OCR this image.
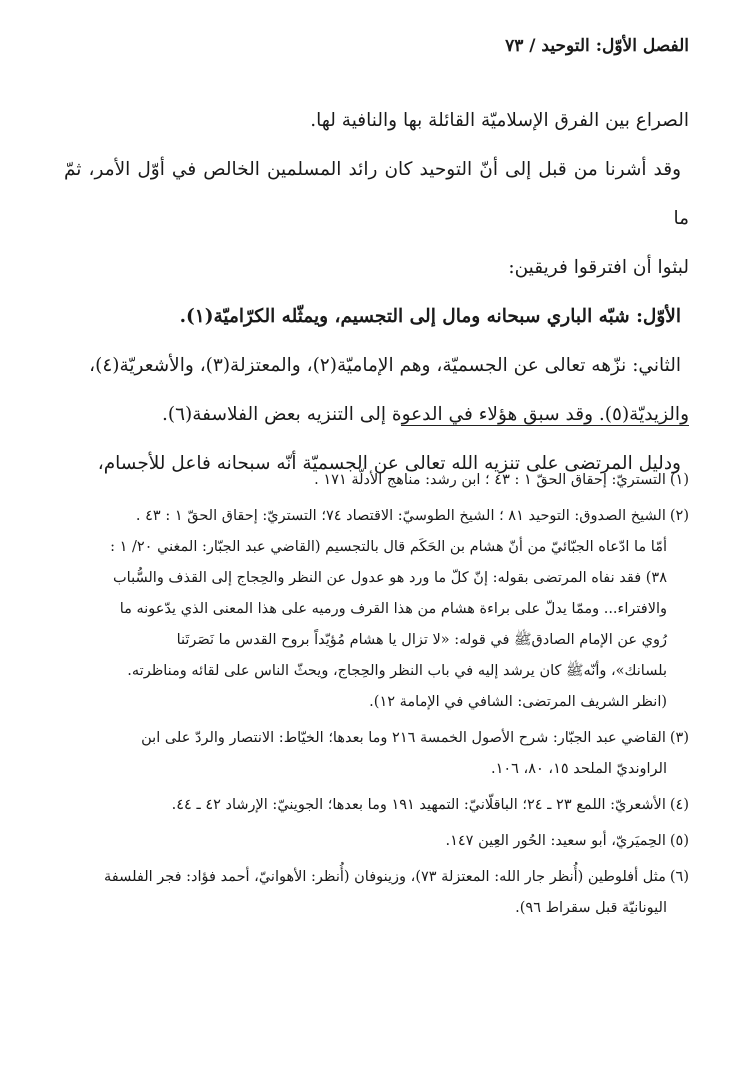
الفصل الأوّل: التوحيد / ٧٣

الصراع بين الفرق الإسلاميّة القائلة بها والنافية لها.

وقد أشرنا من قبل إلى أنّ التوحيد كان رائد المسلمين الخالص في أوّل الأمر، ثمّ ما

لبثوا أن افترقوا فريقين:

الأوّل: شبّه الباري سبحانه ومال إلى التجسيم، ويمثّله الكرّاميّة(١).

الثاني: نزّهه تعالى عن الجسميّة، وهم الإماميّة(٢)، والمعتزلة(٣)، والأشعريّة(٤)،

والزيديّة(٥). وقد سبق هؤلاء في الدعوة إلى التنزيه بعض الفلاسفة(٦).

ودليل المرتضى على تنزيه الله تعالى عن الجسميّة أنّه سبحانه فاعل للأجسام،

(١)التستريّ: إحقاق الحقّ ١ : ٤٣ ؛ ابن رشد: مناهج الأدلّة ١٧١ .
(٢)الشيخ الصدوق: التوحيد ٨١ ؛ الشيخ الطوسيّ: الاقتصاد ٧٤؛ التستريّ: إحقاق الحقّ ١ : ٤٣ .
أمّا ما ادّعاه الجبّائيّ من أنّ هشام بن الحَكَم قال بالتجسيم (القاضي عبد الجبّار: المغني ٢٠/ ١ :
٣٨) فقد نفاه المرتضى بقوله: إنّ كلّ ما ورد هو عدول عن النظر والحِجاج إلى القذف والسُّباب
والافتراء... وممّا يدلّ على براءة هشام من هذا القرف ورميه على هذا المعنى الذي يدّعونه ما
رُوي عن الإمام الصادقﷺ في قوله: «لا تزال يا هشام مُؤيّداً بروح القدس ما نَصَرتَنا
بلسانك»، وأنّهﷺ كان يرشد إليه في باب النظر والحِجاج، ويحثّ الناس على لقائه ومناظرته.
(انظر الشريف المرتضى: الشافي في الإمامة ١٢).
(٣)القاضي عبد الجبّار: شرح الأصول الخمسة ٢١٦ وما بعدها؛ الخيّاط: الانتصار والردّ على ابن
الراونديّ الملحد ١٥، ٨٠، ١٠٦.
(٤)الأشعريّ: اللمع ٢٣ ـ ٢٤؛ الباقلّانيّ: التمهيد ١٩١ وما بعدها؛ الجوينيّ: الإرشاد ٤٢ ـ ٤٤.
(٥)الحِميَريّ، أبو سعيد: الحُور العِين ١٤٧.
(٦)مثل أفلوطين (أُنظر جار الله: المعتزلة ٧٣)، وزينوفان (أُنظر: الأهوانيّ، أحمد فؤاد: فجر الفلسفة
اليونانيّة قبل سقراط ٩٦).
